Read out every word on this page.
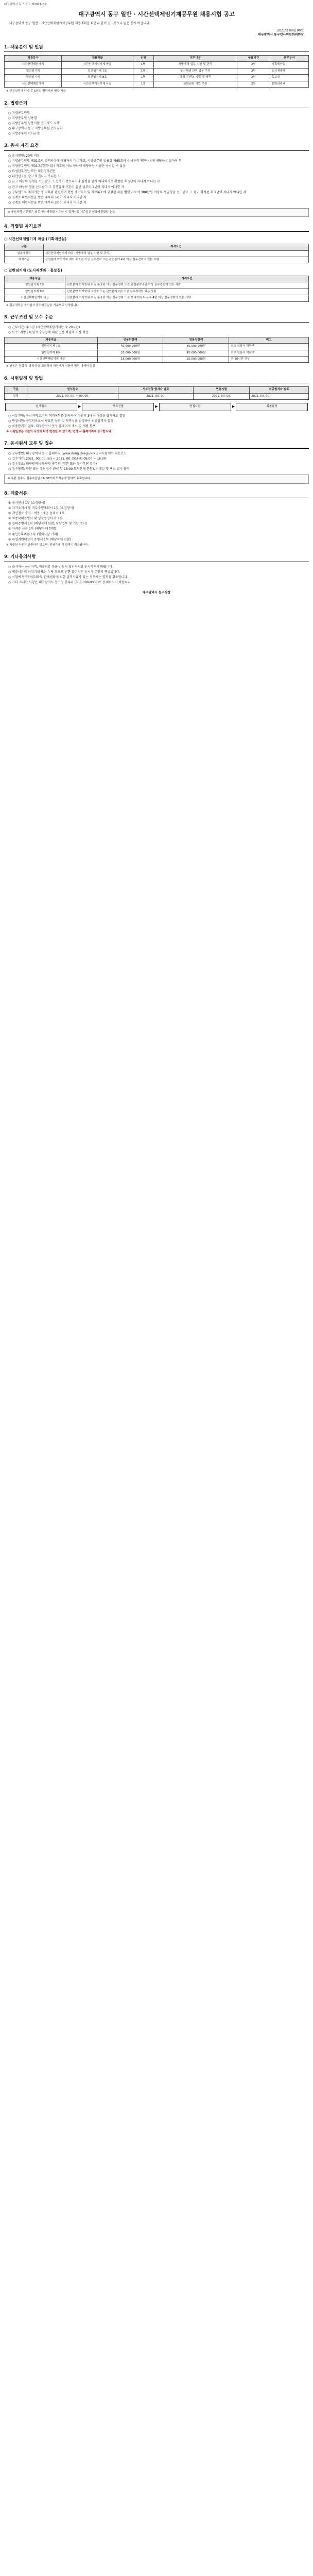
대구광역시 동구 공고 제2021-0호
대구광역시 동구 일반 · 시간선택제임기제공무원 채용시험 공고
대구광역시 동구 일반 · 시간선택제임기제공무원 채용계획을 다음과 같이 공고하오니 많은 응시 바랍니다.
2021년 00월 00일
대구광역시 동구인사위원회위원장
1. 채용분야 및 인원
채용분야	채용직급	인원	직무내용	임용기간	근무부서
시간선택제임기제	시간선택제임기제 마급	1명	지방재정 업무 지원 및 관리	2년	기획예산실
일반임기제	일반임기제 7호	1명	도시재생 관련 업무 추진	2년	도시재생과
일반임기제	일반임기제 8호	1명	홍보 콘텐츠 기획 및 제작	2년	홍보실
시간선택제임기제	시간선택제임기제 나급	1명	문화관광 사업 추진	2년	문화관광과
※ 근무실적에 따라 총 5년의 범위에서 연장 가능
2. 법령근거
○ 지방공무원법
○ 지방공무원 임용령
○ 지방공무원 임용시험 공고제도 시행
○ 대구광역시 동구 지방공무원 인사규칙
○ 지방공무원 인사규정
3. 응시 자격 요건
○ 응시연령: 20세 이상
○ 지방공무원법 제31조의 결격사유에 해당하지 아니하고, 지방공무원 임용령 제65조의 응시자격 제한사유에 해당하지 않아야 함
○ 지방공무원법 제31조(결격사유) 각호의 어느 하나에 해당하는 사람은 응시할 수 없음
○ 피성년후견인 또는 피한정후견인
○ 파산선고를 받고 복권되지 아니한 자
○ 금고 이상의 실형을 선고받고 그 집행이 종료되거나 집행을 받지 아니하기로 확정된 후 5년이 지나지 아니한 자
○ 금고 이상의 형을 선고받고 그 집행유예 기간이 끝난 날부터 2년이 지나지 아니한 자
○ 공무원으로 재직기간 중 직무와 관련하여 형법 제355조 및 제356조에 규정된 죄를 범한 자로서 300만원 이상의 벌금형을 선고받고 그 형이 확정된 후 2년이 지나지 아니한 자
○ 징계로 파면처분을 받은 때부터 5년이 지나지 아니한 자
○ 징계로 해임처분을 받은 때부터 3년이 지나지 아니한 자
※ 응시자격 기준일은 최종시험 예정일 기준이며, 결격사유 기준일은 임용예정일입니다.
4. 직렬별 자격요건
○ 시간선택제임기제 마급 (기획예산실)
구분	자격요건
임용예정직	시간선택제임기제 마급 (지방재정 업무 지원 및 관리)
자격기준	관련분야 학사학위 취득 후 1년 이상 실무경력 또는 관련분야 4년 이상 실무경력이 있는 사람
○ 일반임기제 (도시재생과 · 홍보실)
채용직급	자격요건
일반임기제 7호	관련분야 학사학위 취득 후 2년 이상 실무경력 또는 관련분야 6년 이상 실무경력이 있는 사람
일반임기제 8호	관련분야 학사학위 소지자 또는 관련분야 2년 이상 실무경력이 있는 사람
시간선택제임기제 나급	관련분야 석사학위 취득 후 2년 이상 실무경력 또는 학사학위 취득 후 4년 이상 실무경력이 있는 사람
※ 실무경력은 응시원서 접수마감일을 기준으로 산정합니다.
5. 근무조건 및 보수 수준
○ 근무시간: 주 5일 (시간선택제임기제는 주 20시간)
○ 보수: 지방공무원 보수규정에 의한 연봉 하한액 이상 적용
채용직급	연봉하한액	연봉상한액	비고
일반임기제 7호	40,000,000원	50,000,000원	최초 임용시 하한액
일반임기제 8호	35,000,000원	45,000,000원	최초 임용시 하한액
시간선택제임기제 마급	18,000,000원	25,000,000원	주 20시간 근무
※ 연봉은 경력 및 학위 등을 고려하여 하한액과 상한액 범위 내에서 결정
6. 시험일정 및 방법
구분	원서접수	서류전형 합격자 발표	면접시험	최종합격자 발표
일정	2021. 00. 00. ~ 00. 00.	2021. 00. 00.	2021. 00. 00.	2021. 00. 00.
원서접수	▶	서류전형	▶	면접시험	▶	최종합격
○ 서류전형: 응시자격 요건의 적격여부를 심사하여 정원의 3배수 이상을 합격자로 결정
○ 면접시험: 공무원으로서 필요한 능력 및 적격성을 검정하여 최종합격자 결정
○ 최종합격자 발표: 대구광역시 동구 홈페이지 게시 및 개별 통보
※ 시험일정은 기관의 사정에 따라 변경될 수 있으며, 변경 시 홈페이지에 공고합니다.
7. 응시원서 교부 및 접수
○ 교부방법: 대구광역시 동구 홈페이지 (www.dong.daegu.kr) 공지사항에서 다운로드
○ 접수기간: 2021. 00. 00.(월) ~ 2021. 00. 00.(금) 09:00 ~ 18:00
○ 접수장소: 대구광역시 동구청 총무과 (방문 또는 등기우편 접수)
○ 접수방법: 방문 또는 우편접수 (마감일 18:00 도착분에 한함), 이메일 및 팩스 접수 불가
※ 우편 접수시 접수마감일 18:00까지 도착분에 한하여 유효합니다.
8. 제출서류
① 응시원서 1부 (소정양식)
② 자기소개서 및 직무수행계획서 1부 (소정양식)
③ 개인정보 수집 · 이용 · 제공 동의서 1부
④ 최종학력증명서 및 성적증명서 각 1부
⑤ 경력증명서 1부 (해당자에 한함, 담당업무 및 기간 명시)
⑥ 자격증 사본 1부 (해당자에 한함)
⑦ 주민등록초본 1부 (병역사항 기재)
⑧ 취업지원대상자 증명서 1부 (해당자에 한함)
※ 제출된 서류는 반환하지 않으며, 허위기재 시 합격이 취소됩니다.
9. 기타유의사항
○ 응시자는 응시자격, 제출서류 등을 반드시 확인하시고 응시하시기 바랍니다.
○ 제출서류의 허위기재 또는 누락 등으로 인한 불이익은 응시자 본인의 책임입니다.
○ 시험에 합격하였더라도 관계법령에 의한 결격사유가 있는 경우에는 합격을 취소합니다.
○ 기타 자세한 사항은 대구광역시 동구청 총무과 (053-000-0000)로 문의하시기 바랍니다.
대구광역시 동구청장
